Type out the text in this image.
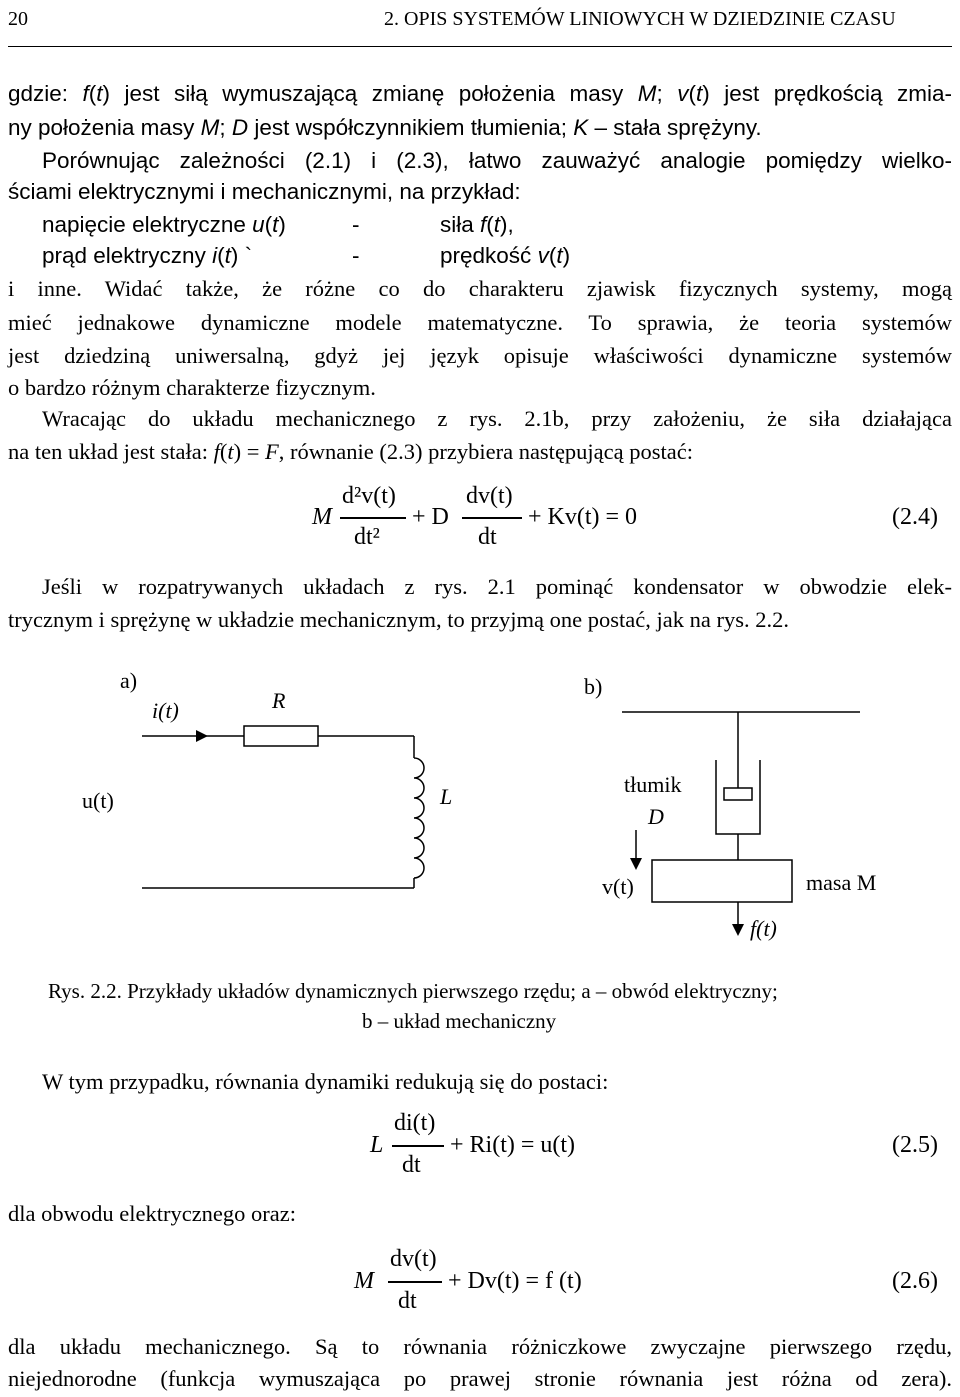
20	2. OPIS SYSTEMÓW LINIOWYCH W DZIEDZINIE CZASU
gdzie: f(t) jest siłą wymuszającą zmianę położenia masy M; v(t) jest prędkością zmia-
ny położenia masy M; D jest współczynnikiem tłumienia; K – stała sprężyny.
Porównując zależności (2.1) i (2.3), łatwo zauważyć analogie pomiędzy wielko-
ściami elektrycznymi i mechanicznymi, na przykład:
napięcie elektryczne u(t)	-	siła f(t),
prąd elektryczny i(t) `	-	prędkość v(t)
i inne. Widać także, że różne co do charakteru zjawisk fizycznych systemy, mogą
mieć jednakowe dynamiczne modele matematyczne. To sprawia, że teoria systemów
jest dziedziną uniwersalną, gdyż jej język opisuje właściwości dynamiczne systemów
o bardzo różnym charakterze fizycznym.
Wracając do układu mechanicznego z rys. 2.1b, przy założeniu, że siła działająca
na ten układ jest stała: f(t) = F, równanie (2.3) przybiera następującą postać:
M
d²v(t)
dt²
+ D
dv(t)
dt
+ Kv(t) = 0	(2.4)
Jeśli w rozpatrywanych układach z rys. 2.1 pominąć kondensator w obwodzie elek-
trycznym i sprężynę w układzie mechanicznym, to przyjmą one postać, jak na rys. 2.2.
a)
i(t)	R
L
u(t)
b)
tłumik
D
masa M
v(t)
f(t)
Rys. 2.2. Przykłady układów dynamicznych pierwszego rzędu; a – obwód elektryczny;
b – układ mechaniczny
W tym przypadku, równania dynamiki redukują się do postaci:
L
di(t)
dt
+ Ri(t) = u(t)	(2.5)
dla obwodu elektrycznego oraz:
M
dv(t)
dt
+ Dv(t) = f (t)	(2.6)
dla układu mechanicznego. Są to równania różniczkowe zwyczajne pierwszego rzędu,
niejednorodne (funkcja wymuszająca po prawej stronie równania jest różna od zera).
